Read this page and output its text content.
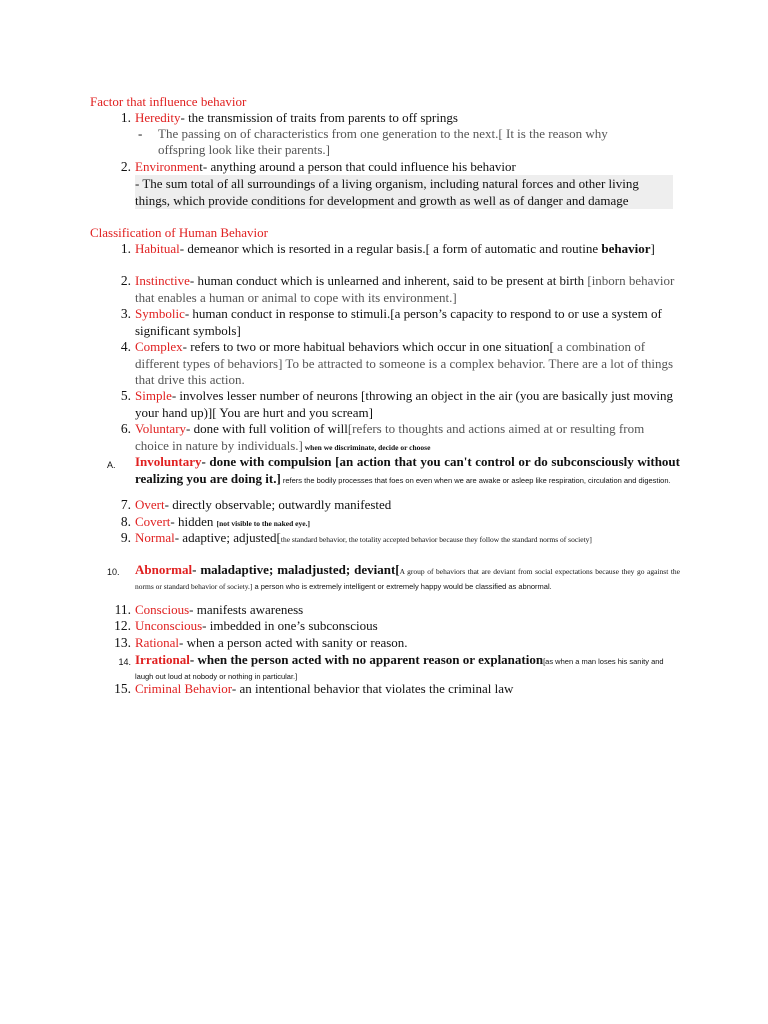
Factor that influence behavior
1. Heredity- the transmission of traits from parents to off springs
- The passing on of characteristics from one generation to the next.[ It is the reason why offspring look like their parents.]
2. Environment- anything around a person that could influence his behavior
- The sum total of all surroundings of a living organism, including natural forces and other living things, which provide conditions for development and growth as well as of danger and damage
Classification of Human Behavior
1. Habitual- demeanor which is resorted in a regular basis.[ a form of automatic and routine behavior]
2. Instinctive- human conduct which is unlearned and inherent, said to be present at birth [inborn behavior that enables a human or animal to cope with its environment.]
3. Symbolic- human conduct in response to stimuli.[a person’s capacity to respond to or use a system of significant symbols]
4. Complex- refers to two or more habitual behaviors which occur in one situation[ a combination of different types of behaviors] To be attracted to someone is a complex behavior. There are a lot of things that drive this action.
5. Simple- involves lesser number of neurons [throwing an object in the air (you are basically just moving your hand up)][ You are hurt and you scream]
6. Voluntary- done with full volition of will[refers to thoughts and actions aimed at or resulting from choice in nature by individuals.] when we discriminate, decide or choose
A.	Involuntary- done with compulsion [an action that you can't control or do subconsciously without realizing you are doing it.] refers the bodily processes that foes on even when we are awake or asleep like respiration, circulation and digestion.
7. Overt- directly observable; outwardly manifested
8. Covert- hidden [not visible to the naked eye.]
9. Normal- adaptive; adjusted[the standard behavior, the totality accepted behavior because they follow the standard norms of society]
10.	Abnormal- maladaptive; maladjusted; deviant[A group of behaviors that are deviant from social expectations because they go against the norms or standard behavior of society.] a person who is extremely intelligent or extremely happy would be classified as abnormal.
11. Conscious- manifests awareness
12. Unconscious- imbedded in one’s subconscious
13. Rational- when a person acted with sanity or reason.
14. Irrational- when the person acted with no apparent reason or explanation[as when a man loses his sanity and laugh out loud at nobody or nothing in particular.]
15. Criminal Behavior- an intentional behavior that violates the criminal law
